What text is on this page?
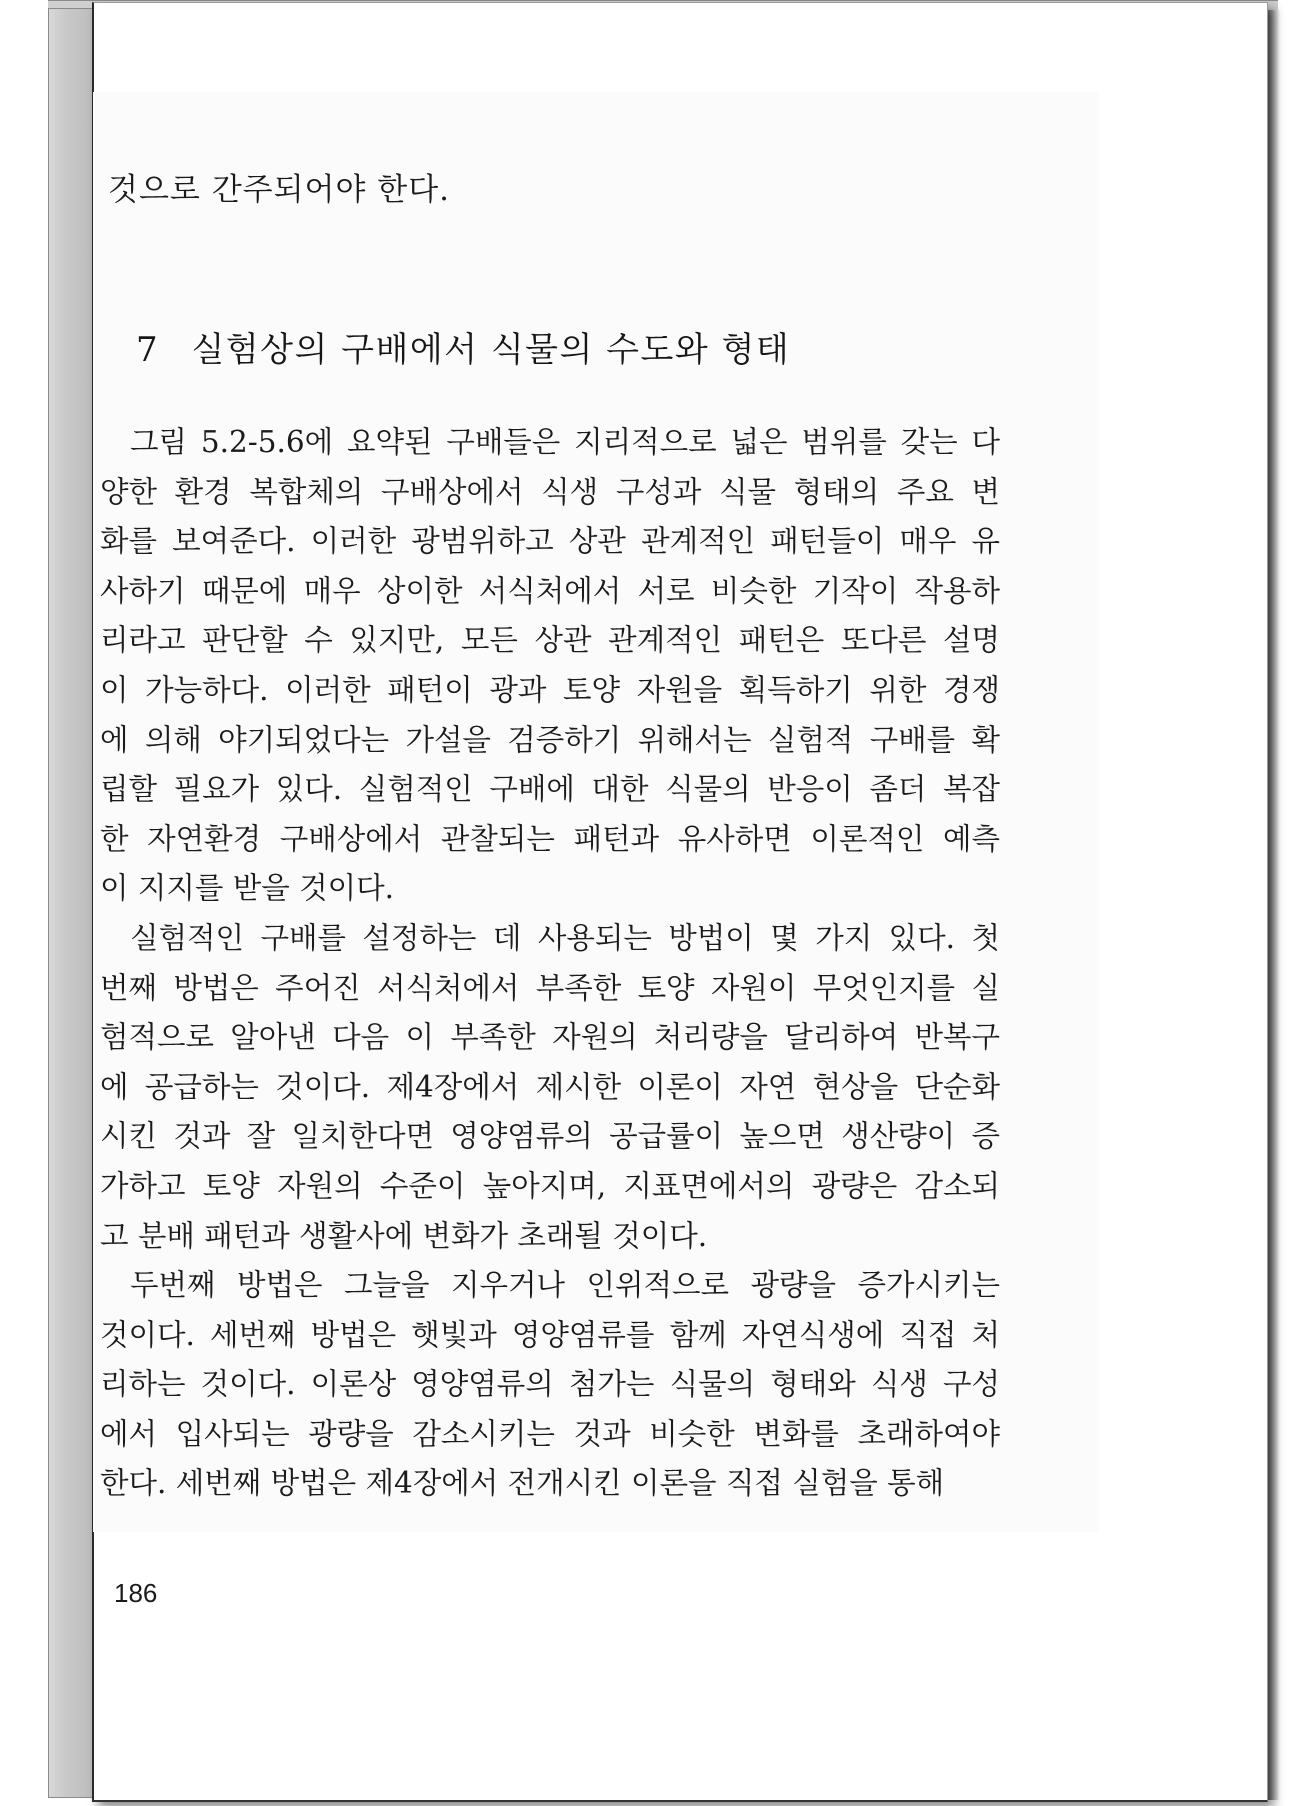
것으로 간주되어야 한다.
7 실험상의 구배에서 식물의 수도와 형태
그림 5.2-5.6에 요약된 구배들은 지리적으로 넓은 범위를 갖는 다
양한 환경 복합체의 구배상에서 식생 구성과 식물 형태의 주요 변
화를 보여준다. 이러한 광범위하고 상관 관계적인 패턴들이 매우 유
사하기 때문에 매우 상이한 서식처에서 서로 비슷한 기작이 작용하
리라고 판단할 수 있지만, 모든 상관 관계적인 패턴은 또다른 설명
이 가능하다. 이러한 패턴이 광과 토양 자원을 획득하기 위한 경쟁
에 의해 야기되었다는 가설을 검증하기 위해서는 실험적 구배를 확
립할 필요가 있다. 실험적인 구배에 대한 식물의 반응이 좀더 복잡
한 자연환경 구배상에서 관찰되는 패턴과 유사하면 이론적인 예측
이 지지를 받을 것이다.
실험적인 구배를 설정하는 데 사용되는 방법이 몇 가지 있다. 첫
번째 방법은 주어진 서식처에서 부족한 토양 자원이 무엇인지를 실
험적으로 알아낸 다음 이 부족한 자원의 처리량을 달리하여 반복구
에 공급하는 것이다. 제4장에서 제시한 이론이 자연 현상을 단순화
시킨 것과 잘 일치한다면 영양염류의 공급률이 높으면 생산량이 증
가하고 토양 자원의 수준이 높아지며, 지표면에서의 광량은 감소되
고 분배 패턴과 생활사에 변화가 초래될 것이다.
두번째 방법은 그늘을 지우거나 인위적으로 광량을 증가시키는
것이다. 세번째 방법은 햇빛과 영양염류를 함께 자연식생에 직접 처
리하는 것이다. 이론상 영양염류의 첨가는 식물의 형태와 식생 구성
에서 입사되는 광량을 감소시키는 것과 비슷한 변화를 초래하여야
한다. 세번째 방법은 제4장에서 전개시킨 이론을 직접 실험을 통해
186
